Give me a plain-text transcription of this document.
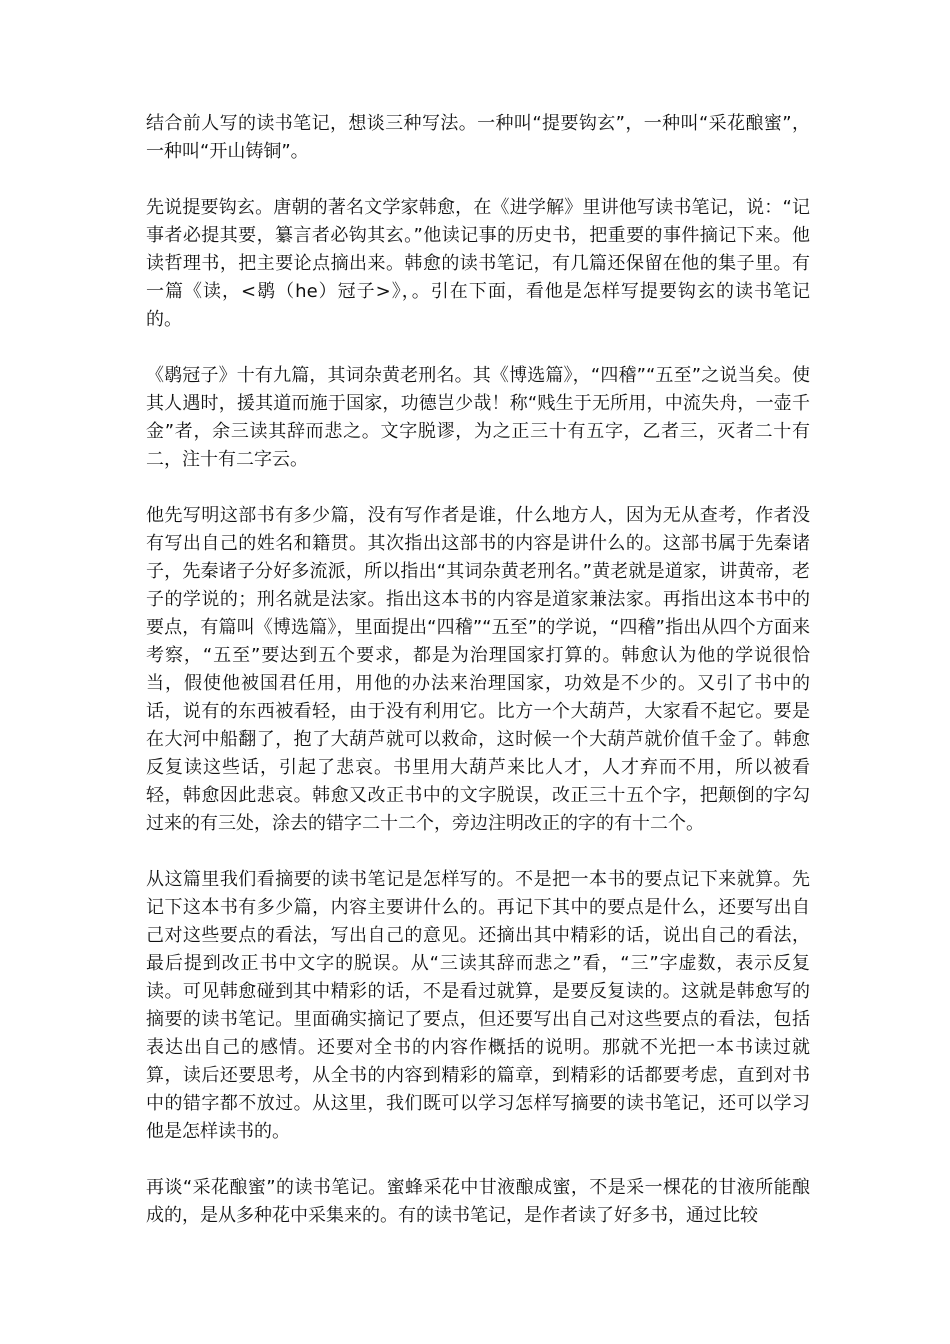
结合前人写的读书笔记，想谈三种写法。一种叫“提要钩玄”，一种叫“采花酿蜜”，一种叫“开山铸铜”。

先说提要钩玄。唐朝的著名文学家韩愈，在《进学解》里讲他写读书笔记，说：“记事者必提其要，纂言者必钩其玄。”他读记事的历史书，把重要的事件摘记下来。他读哲理书，把主要论点摘出来。韩愈的读书笔记，有几篇还保留在他的集子里。有一篇《读，<鹖（he）冠子>》，。引在下面，看他是怎样写提要钩玄的读书笔记的。

《鹖冠子》十有九篇，其词杂黄老刑名。其《博选篇》，“四稽”“五至”之说当矣。使其人遇时，援其道而施于国家，功德岂少哉！称“贱生于无所用，中流失舟，一壶千金”者，余三读其辞而悲之。文字脱谬，为之正三十有五字，乙者三，灭者二十有二，注十有二字云。

他先写明这部书有多少篇，没有写作者是谁，什么地方人，因为无从查考，作者没有写出自己的姓名和籍贯。其次指出这部书的内容是讲什么的。这部书属于先秦诸子，先秦诸子分好多流派，所以指出“其词杂黄老刑名。”黄老就是道家，讲黄帝，老子的学说的；刑名就是法家。指出这本书的内容是道家兼法家。再指出这本书中的要点，有篇叫《博选篇》，里面提出“四稽”“五至”的学说，“四稽”指出从四个方面来考察，“五至”要达到五个要求，都是为治理国家打算的。韩愈认为他的学说很恰当，假使他被国君任用，用他的办法来治理国家，功效是不少的。又引了书中的话，说有的东西被看轻，由于没有利用它。比方一个大葫芦，大家看不起它。要是在大河中船翻了，抱了大葫芦就可以救命，这时候一个大葫芦就价值千金了。韩愈反复读这些话，引起了悲哀。书里用大葫芦来比人才，人才弃而不用，所以被看轻，韩愈因此悲哀。韩愈又改正书中的文字脱误，改正三十五个字，把颠倒的字勾过来的有三处，涂去的错字二十二个，旁边注明改正的字的有十二个。

从这篇里我们看摘要的读书笔记是怎样写的。不是把一本书的要点记下来就算。先记下这本书有多少篇，内容主要讲什么的。再记下其中的要点是什么，还要写出自己对这些要点的看法，写出自己的意见。还摘出其中精彩的话，说出自己的看法，最后提到改正书中文字的脱误。从“三读其辞而悲之”看，“三”字虚数，表示反复读。可见韩愈碰到其中精彩的话，不是看过就算，是要反复读的。这就是韩愈写的摘要的读书笔记。里面确实摘记了要点，但还要写出自己对这些要点的看法，包括表达出自己的感情。还要对全书的内容作概括的说明。那就不光把一本书读过就算，读后还要思考，从全书的内容到精彩的篇章，到精彩的话都要考虑，直到对书中的错字都不放过。从这里，我们既可以学习怎样写摘要的读书笔记，还可以学习他是怎样读书的。

再谈“采花酿蜜”的读书笔记。蜜蜂采花中甘液酿成蜜，不是采一棵花的甘液所能酿成的，是从多种花中采集来的。有的读书笔记，是作者读了好多书，通过比较
